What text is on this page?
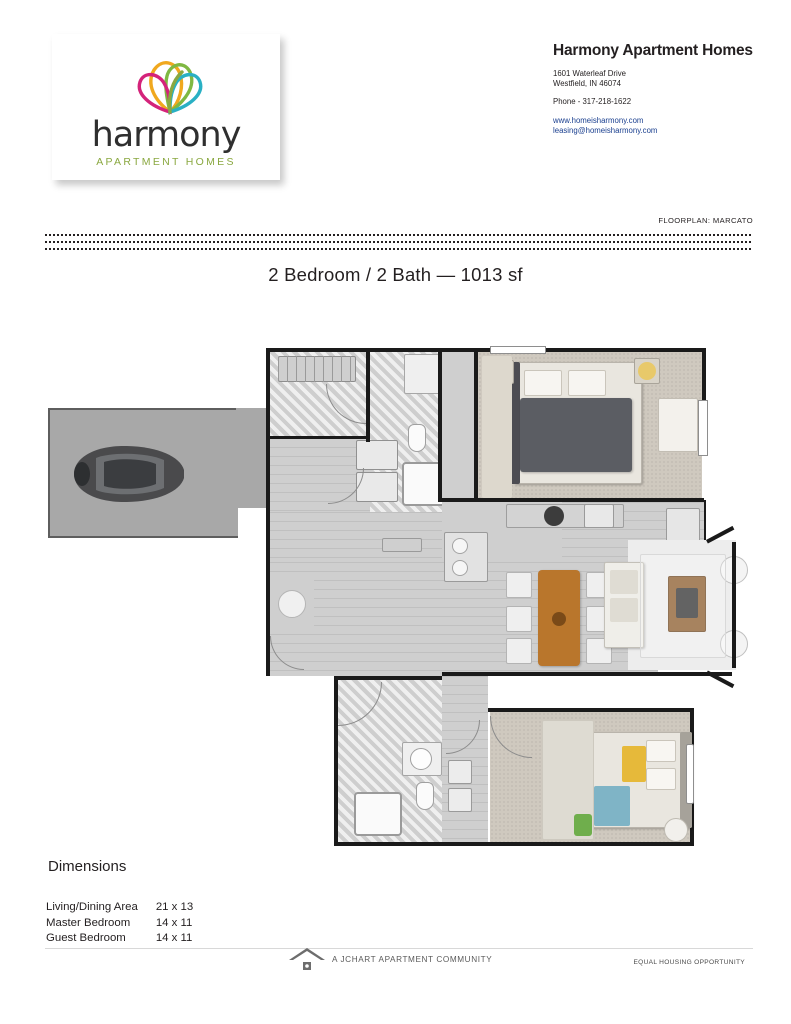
harmony
APARTMENT HOMES
Harmony Apartment Homes
1601 Waterleaf Drive
Westfield, IN 46074
Phone - 317-218-1622
www.homeisharmony.com
leasing@homeisharmony.com
FLOORPLAN: MARCATO
2 Bedroom / 2 Bath — 1013 sf
Dimensions
Living/Dining Area	21 x 13
Master Bedroom	14 x 11
Guest Bedroom	14 x 11
A JCHART APARTMENT COMMUNITY	EQUAL HOUSING OPPORTUNITY
